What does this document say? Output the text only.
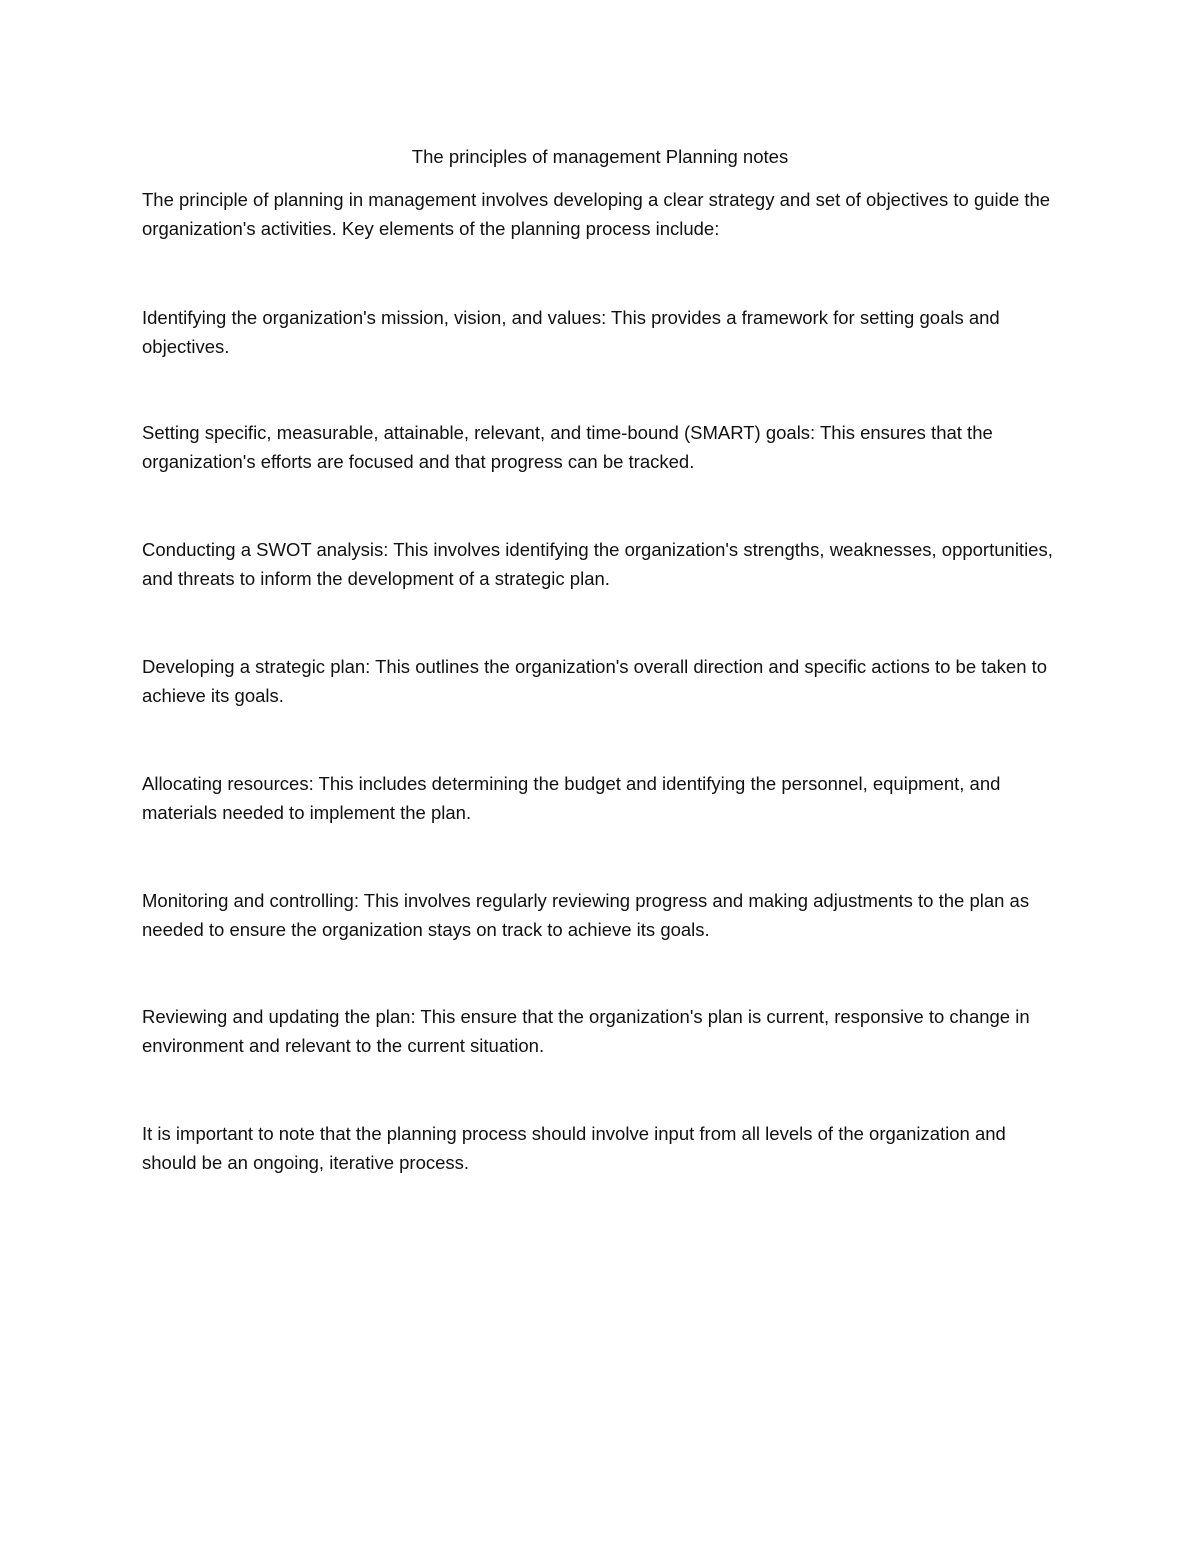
The principles of management Planning notes

The principle of planning in management involves developing a clear strategy and set of objectives to guide the organization's activities. Key elements of the planning process include:

Identifying the organization's mission, vision, and values: This provides a framework for setting goals and objectives.

Setting specific, measurable, attainable, relevant, and time-bound (SMART) goals: This ensures that the organization's efforts are focused and that progress can be tracked.

Conducting a SWOT analysis: This involves identifying the organization's strengths, weaknesses, opportunities, and threats to inform the development of a strategic plan.

Developing a strategic plan: This outlines the organization's overall direction and specific actions to be taken to achieve its goals.

Allocating resources: This includes determining the budget and identifying the personnel, equipment, and materials needed to implement the plan.

Monitoring and controlling: This involves regularly reviewing progress and making adjustments to the plan as needed to ensure the organization stays on track to achieve its goals.

Reviewing and updating the plan: This ensure that the organization's plan is current, responsive to change in environment and relevant to the current situation.

It is important to note that the planning process should involve input from all levels of the organization and should be an ongoing, iterative process.
